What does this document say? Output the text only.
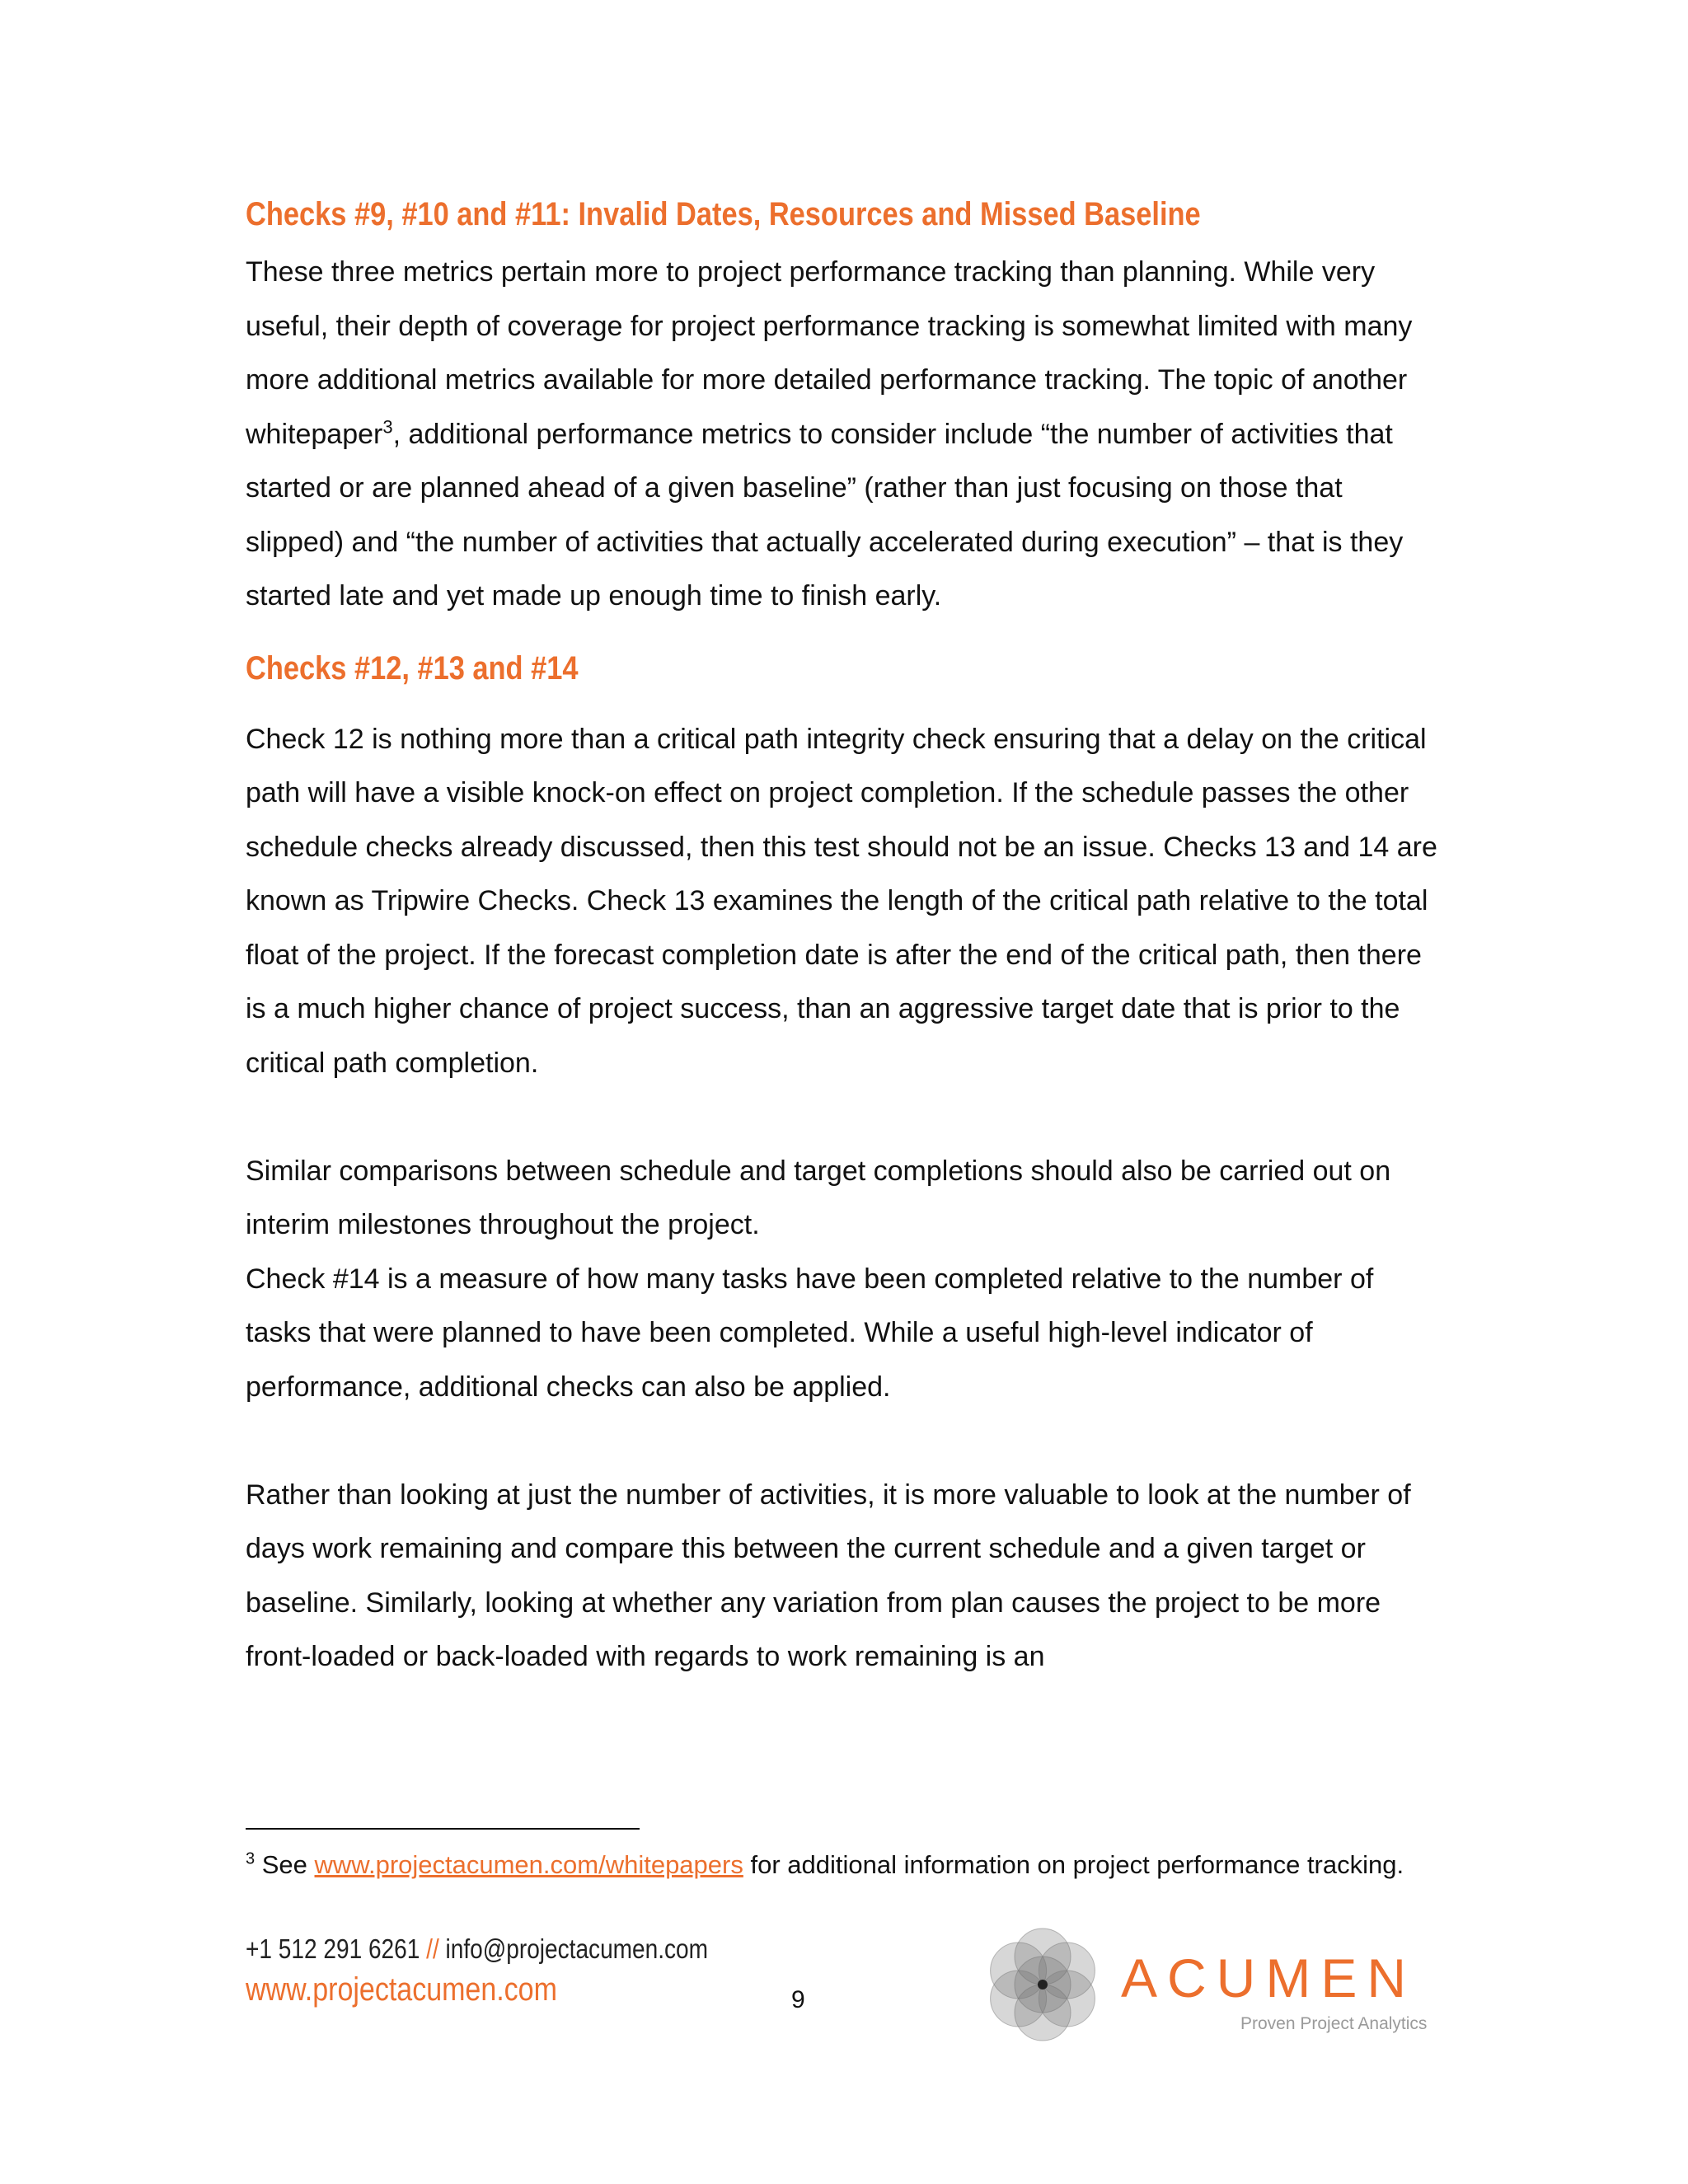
Checks #9, #10 and #11: Invalid Dates, Resources and Missed Baseline

These three metrics pertain more to project performance tracking than planning. While very useful, their depth of coverage for project performance tracking is somewhat limited with many more additional metrics available for more detailed performance tracking. The topic of another whitepaper$^3$, additional performance metrics to consider include “the number of activities that started or are planned ahead of a given baseline” (rather than just focusing on those that slipped) and “the number of activities that actually accelerated during execution” – that is they started late and yet made up enough time to finish early.

Checks #12, #13 and #14

Check 12 is nothing more than a critical path integrity check ensuring that a delay on the critical path will have a visible knock-on effect on project completion. If the schedule passes the other schedule checks already discussed, then this test should not be an issue. Checks 13 and 14 are known as Tripwire Checks. Check 13 examines the length of the critical path relative to the total float of the project. If the forecast completion date is after the end of the critical path, then there is a much higher chance of project success, than an aggressive target date that is prior to the critical path completion.

Similar comparisons between schedule and target completions should also be carried out on interim milestones throughout the project.

Check #14 is a measure of how many tasks have been completed relative to the number of tasks that were planned to have been completed. While a useful high-level indicator of performance, additional checks can also be applied.

Rather than looking at just the number of activities, it is more valuable to look at the number of days work remaining and compare this between the current schedule and a given target or baseline. Similarly, looking at whether any variation from plan causes the project to be more front-loaded or back-loaded with regards to work remaining is an

$^3$ See www.projectacumen.com/whitepapers for additional information on project performance tracking.
+1 512 291 6261 // info@projectacumen.com
www.projectacumen.com	9	ACUMEN
Proven Project Analytics
